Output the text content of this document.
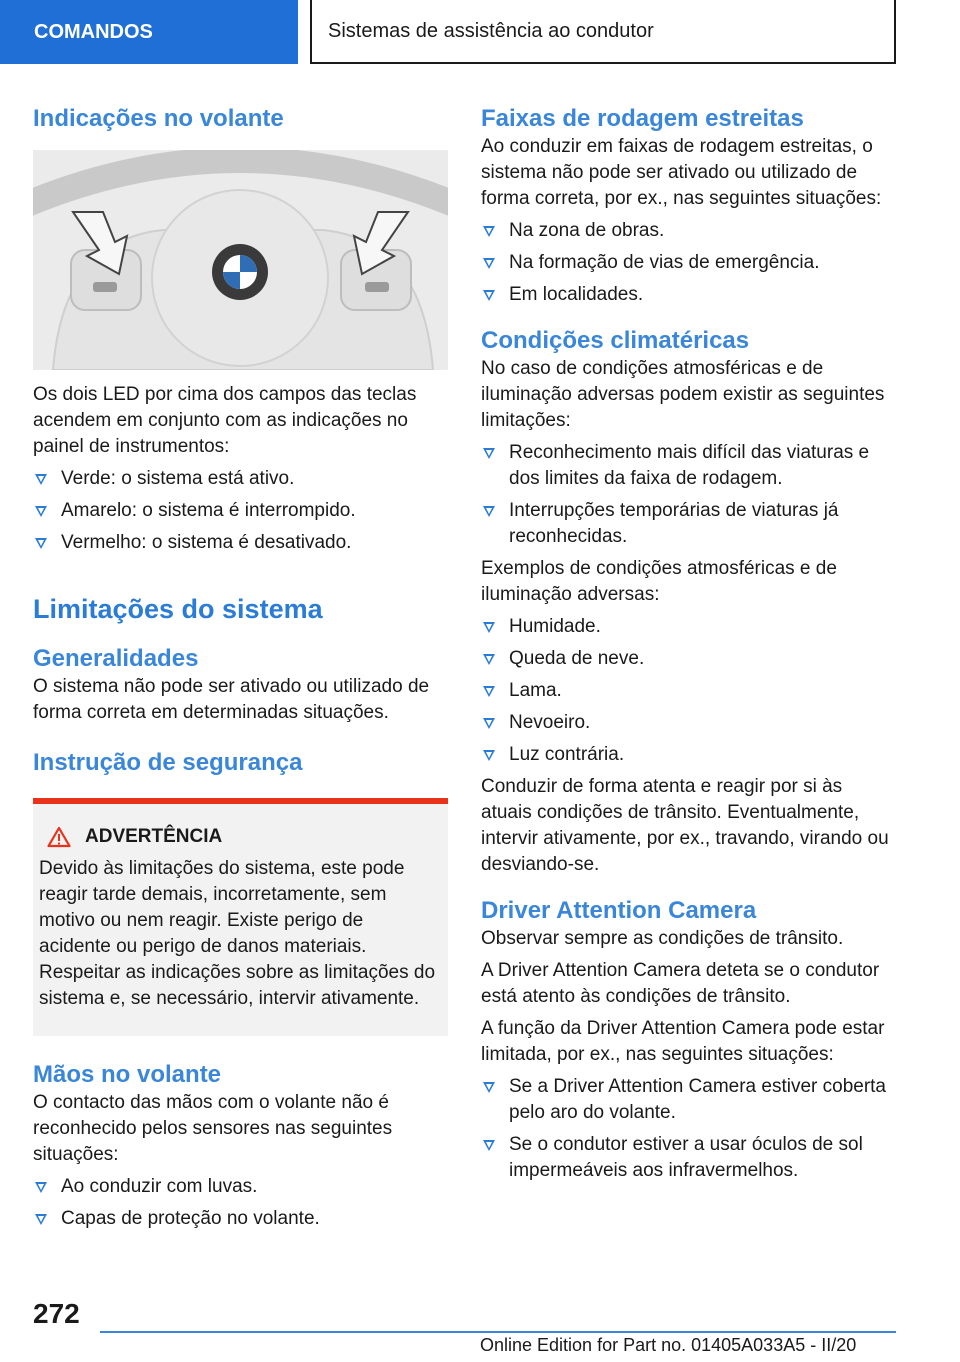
COMANDOS	Sistemas de assistência ao condutor
Indicações no volante

Os dois LED por cima dos campos das teclas acendem em conjunto com as indicações no painel de instrumentos:

Verde: o sistema está ativo.
Amarelo: o sistema é interrompido.
Vermelho: o sistema é desativado.
Limitações do sistema
Generalidades

O sistema não pode ser ativado ou utilizado de forma correta em determinadas situações.

Instrução de segurança
ADVERTÊNCIA

Devido às limitações do sistema, este pode reagir tarde demais, incorretamente, sem motivo ou nem reagir. Existe perigo de acidente ou perigo de danos materiais. Respeitar as indicações sobre as limitações do sistema e, se necessário, intervir ativamente.

Mãos no volante

O contacto das mãos com o volante não é reconhecido pelos sensores nas seguintes situações:

Ao conduzir com luvas.
Capas de proteção no volante.
Faixas de rodagem estreitas

Ao conduzir em faixas de rodagem estreitas, o sistema não pode ser ativado ou utilizado de forma correta, por ex., nas seguintes situações:

Na zona de obras.
Na formação de vias de emergência.
Em localidades.
Condições climatéricas

No caso de condições atmosféricas e de iluminação adversas podem existir as seguintes limitações:

Reconhecimento mais difícil das viaturas e dos limites da faixa de rodagem.
Interrupções temporárias de viaturas já reconhecidas.

Exemplos de condições atmosféricas e de iluminação adversas:

Humidade.
Queda de neve.
Lama.
Nevoeiro.
Luz contrária.

Conduzir de forma atenta e reagir por si às atuais condições de trânsito. Eventualmente, intervir ativamente, por ex., travando, virando ou desviando-se.

Driver Attention Camera

Observar sempre as condições de trânsito.

A Driver Attention Camera deteta se o condutor está atento às condições de trânsito.

A função da Driver Attention Camera pode estar limitada, por ex., nas seguintes situações:

Se a Driver Attention Camera estiver coberta pelo aro do volante.
Se o condutor estiver a usar óculos de sol impermeáveis aos infravermelhos.
272
Online Edition for Part no. 01405A033A5 - II/20
